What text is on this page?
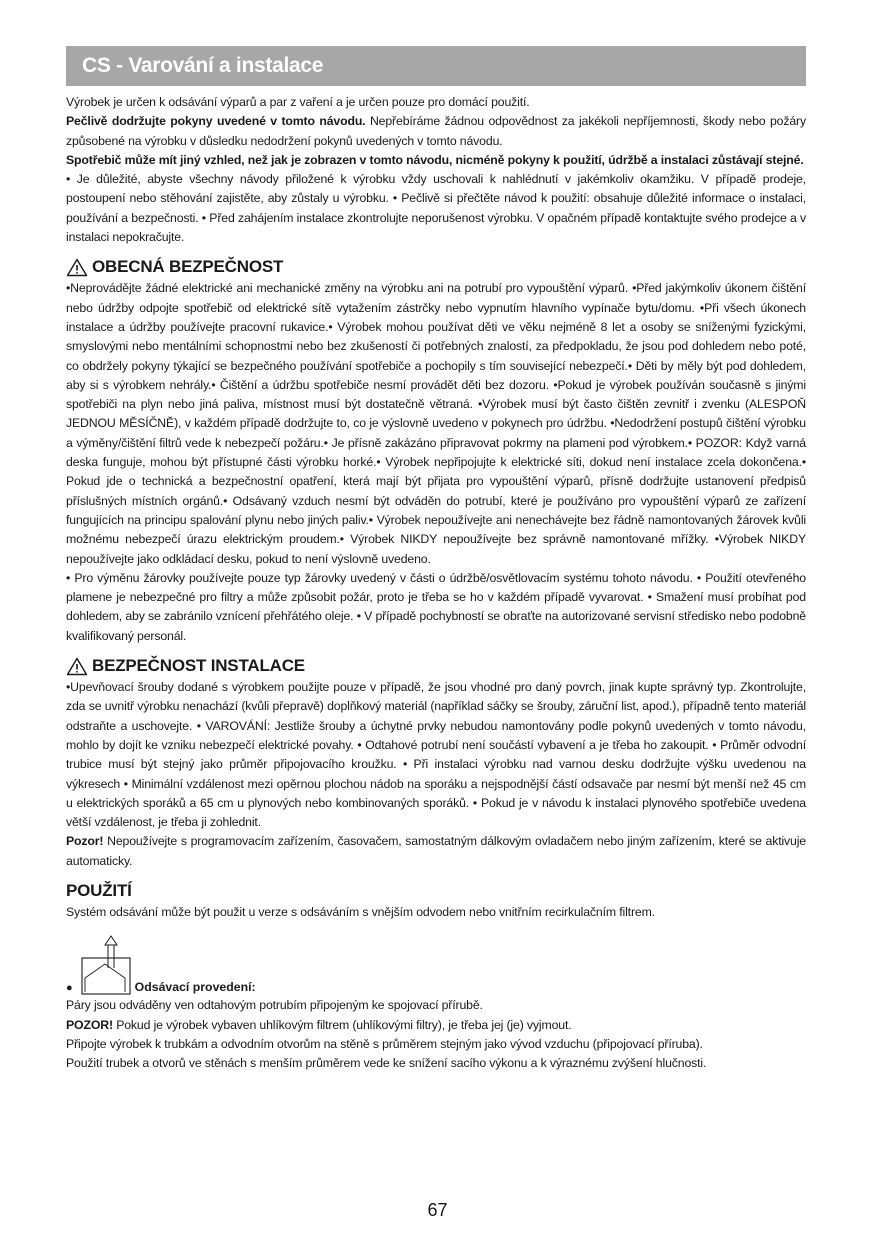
CS - Varování a instalace

Výrobek je určen k odsávání výparů a par z vaření a je určen pouze pro domácí použití.

Pečlivě dodržujte pokyny uvedené v tomto návodu. Nepřebíráme žádnou odpovědnost za jakékoli nepříjemnosti, škody nebo požáry způsobené na výrobku v důsledku nedodržení pokynů uvedených v tomto návodu.

Spotřebič může mít jiný vzhled, než jak je zobrazen v tomto návodu, nicméně pokyny k použití, údržbě a instalaci zůstávají stejné.

• Je důležité, abyste všechny návody přiložené k výrobku vždy uschovali k nahlédnutí v jakémkoliv okamžiku. V případě prodeje, postoupení nebo stěhování zajistěte, aby zůstaly u výrobku. • Pečlivě si přečtěte návod k použití: obsahuje důležité informace o instalaci, používání a bezpečnosti. • Před zahájením instalace zkontrolujte neporušenost výrobku. V opačném případě kontaktujte svého prodejce a v instalaci nepokračujte.

OBECNÁ BEZPEČNOST

•Neprovádějte žádné elektrické ani mechanické změny na výrobku ani na potrubí pro vypouštění výparů. •Před jakýmkoliv úkonem čištění nebo údržby odpojte spotřebič od elektrické sítě vytažením zástrčky nebo vypnutím hlavního vypínače bytu/domu. •Při všech úkonech instalace a údržby používejte pracovní rukavice.• Výrobek mohou používat děti ve věku nejméně 8 let a osoby se sníženými fyzickými, smyslovými nebo mentálními schopnostmi nebo bez zkušeností či potřebných znalostí, za předpokladu, že jsou pod dohledem nebo poté, co obdržely pokyny týkající se bezpečného používání spotřebiče a pochopily s tím související nebezpečí.• Děti by měly být pod dohledem, aby si s výrobkem nehrály.• Čištění a údržbu spotřebiče nesmí provádět děti bez dozoru. •Pokud je výrobek používán současně s jinými spotřebiči na plyn nebo jiná paliva, místnost musí být dostatečně větraná. •Výrobek musí být často čištěn zevnitř i zvenku (ALESPOŇ JEDNOU MĚSÍČNĚ), v každém případě dodržujte to, co je výslovně uvedeno v pokynech pro údržbu. •Nedodržení postupů čištění výrobku a výměny/čištění filtrů vede k nebezpečí požáru.• Je přísně zakázáno připravovat pokrmy na plameni pod výrobkem.• POZOR: Když varná deska funguje, mohou být přístupné části výrobku horké.• Výrobek nepřipojujte k elektrické síti, dokud není instalace zcela dokončena.• Pokud jde o technická a bezpečnostní opatření, která mají být přijata pro vypouštění výparů, přísně dodržujte ustanovení předpisů příslušných místních orgánů.• Odsávaný vzduch nesmí být odváděn do potrubí, které je používáno pro vypouštění výparů ze zařízení fungujících na principu spalování plynu nebo jiných paliv.• Výrobek nepoužívejte ani nenechávejte bez řádně namontovaných žárovek kvůli možnému nebezpečí úrazu elektrickým proudem.• Výrobek NIKDY nepoužívejte bez správně namontované mřížky. •Výrobek NIKDY nepoužívejte jako odkládací desku, pokud to není výslovně uvedeno.

• Pro výměnu žárovky používejte pouze typ žárovky uvedený v části o údržbě/osvětlovacím systému tohoto návodu. • Použití otevřeného plamene je nebezpečné pro filtry a může způsobit požár, proto je třeba se ho v každém případě vyvarovat. • Smažení musí probíhat pod dohledem, aby se zabránilo vznícení přehřátého oleje. • V případě pochybností se obraťte na autorizované servisní středisko nebo podobně kvalifikovaný personál.

BEZPEČNOST INSTALACE

•Upevňovací šrouby dodané s výrobkem použijte pouze v případě, že jsou vhodné pro daný povrch, jinak kupte správný typ. Zkontrolujte, zda se uvnitř výrobku nenachází (kvůli přepravě) doplňkový materiál (například sáčky se šrouby, záruční list, apod.), případně tento materiál odstraňte a uschovejte. • VAROVÁNÍ: Jestliže šrouby a úchytné prvky nebudou namontovány podle pokynů uvedených v tomto návodu, mohlo by dojít ke vzniku nebezpečí elektrické povahy. • Odtahové potrubí není součástí vybavení a je třeba ho zakoupit. • Průměr odvodní trubice musí být stejný jako průměr připojovacího kroužku. • Při instalaci výrobku nad varnou desku dodržujte výšku uvedenou na výkresech • Minimální vzdálenost mezi opěrnou plochou nádob na sporáku a nejspodnější částí odsavače par nesmí být menší než 45 cm u elektrických sporáků a 65 cm u plynových nebo kombinovaných sporáků. • Pokud je v návodu k instalaci plynového spotřebiče uvedena větší vzdálenost, je třeba ji zohlednit.

Pozor! Nepoužívejte s programovacím zařízením, časovačem, samostatným dálkovým ovladačem nebo jiným zařízením, které se aktivuje automaticky.

POUŽITÍ

Systém odsávání může být použit u verze s odsáváním s vnějším odvodem nebo vnitřním recirkulačním filtrem.

●	Odsávací provedení:

Páry jsou odváděny ven odtahovým potrubím připojeným ke spojovací přírubě.

POZOR! Pokud je výrobek vybaven uhlíkovým filtrem (uhlíkovými filtry), je třeba jej (je) vyjmout.

Připojte výrobek k trubkám a odvodním otvorům na stěně s průměrem stejným jako vývod vzduchu (připojovací příruba).

Použití trubek a otvorů ve stěnách s menším průměrem vede ke snížení sacího výkonu a k výraznému zvýšení hlučnosti.

67
